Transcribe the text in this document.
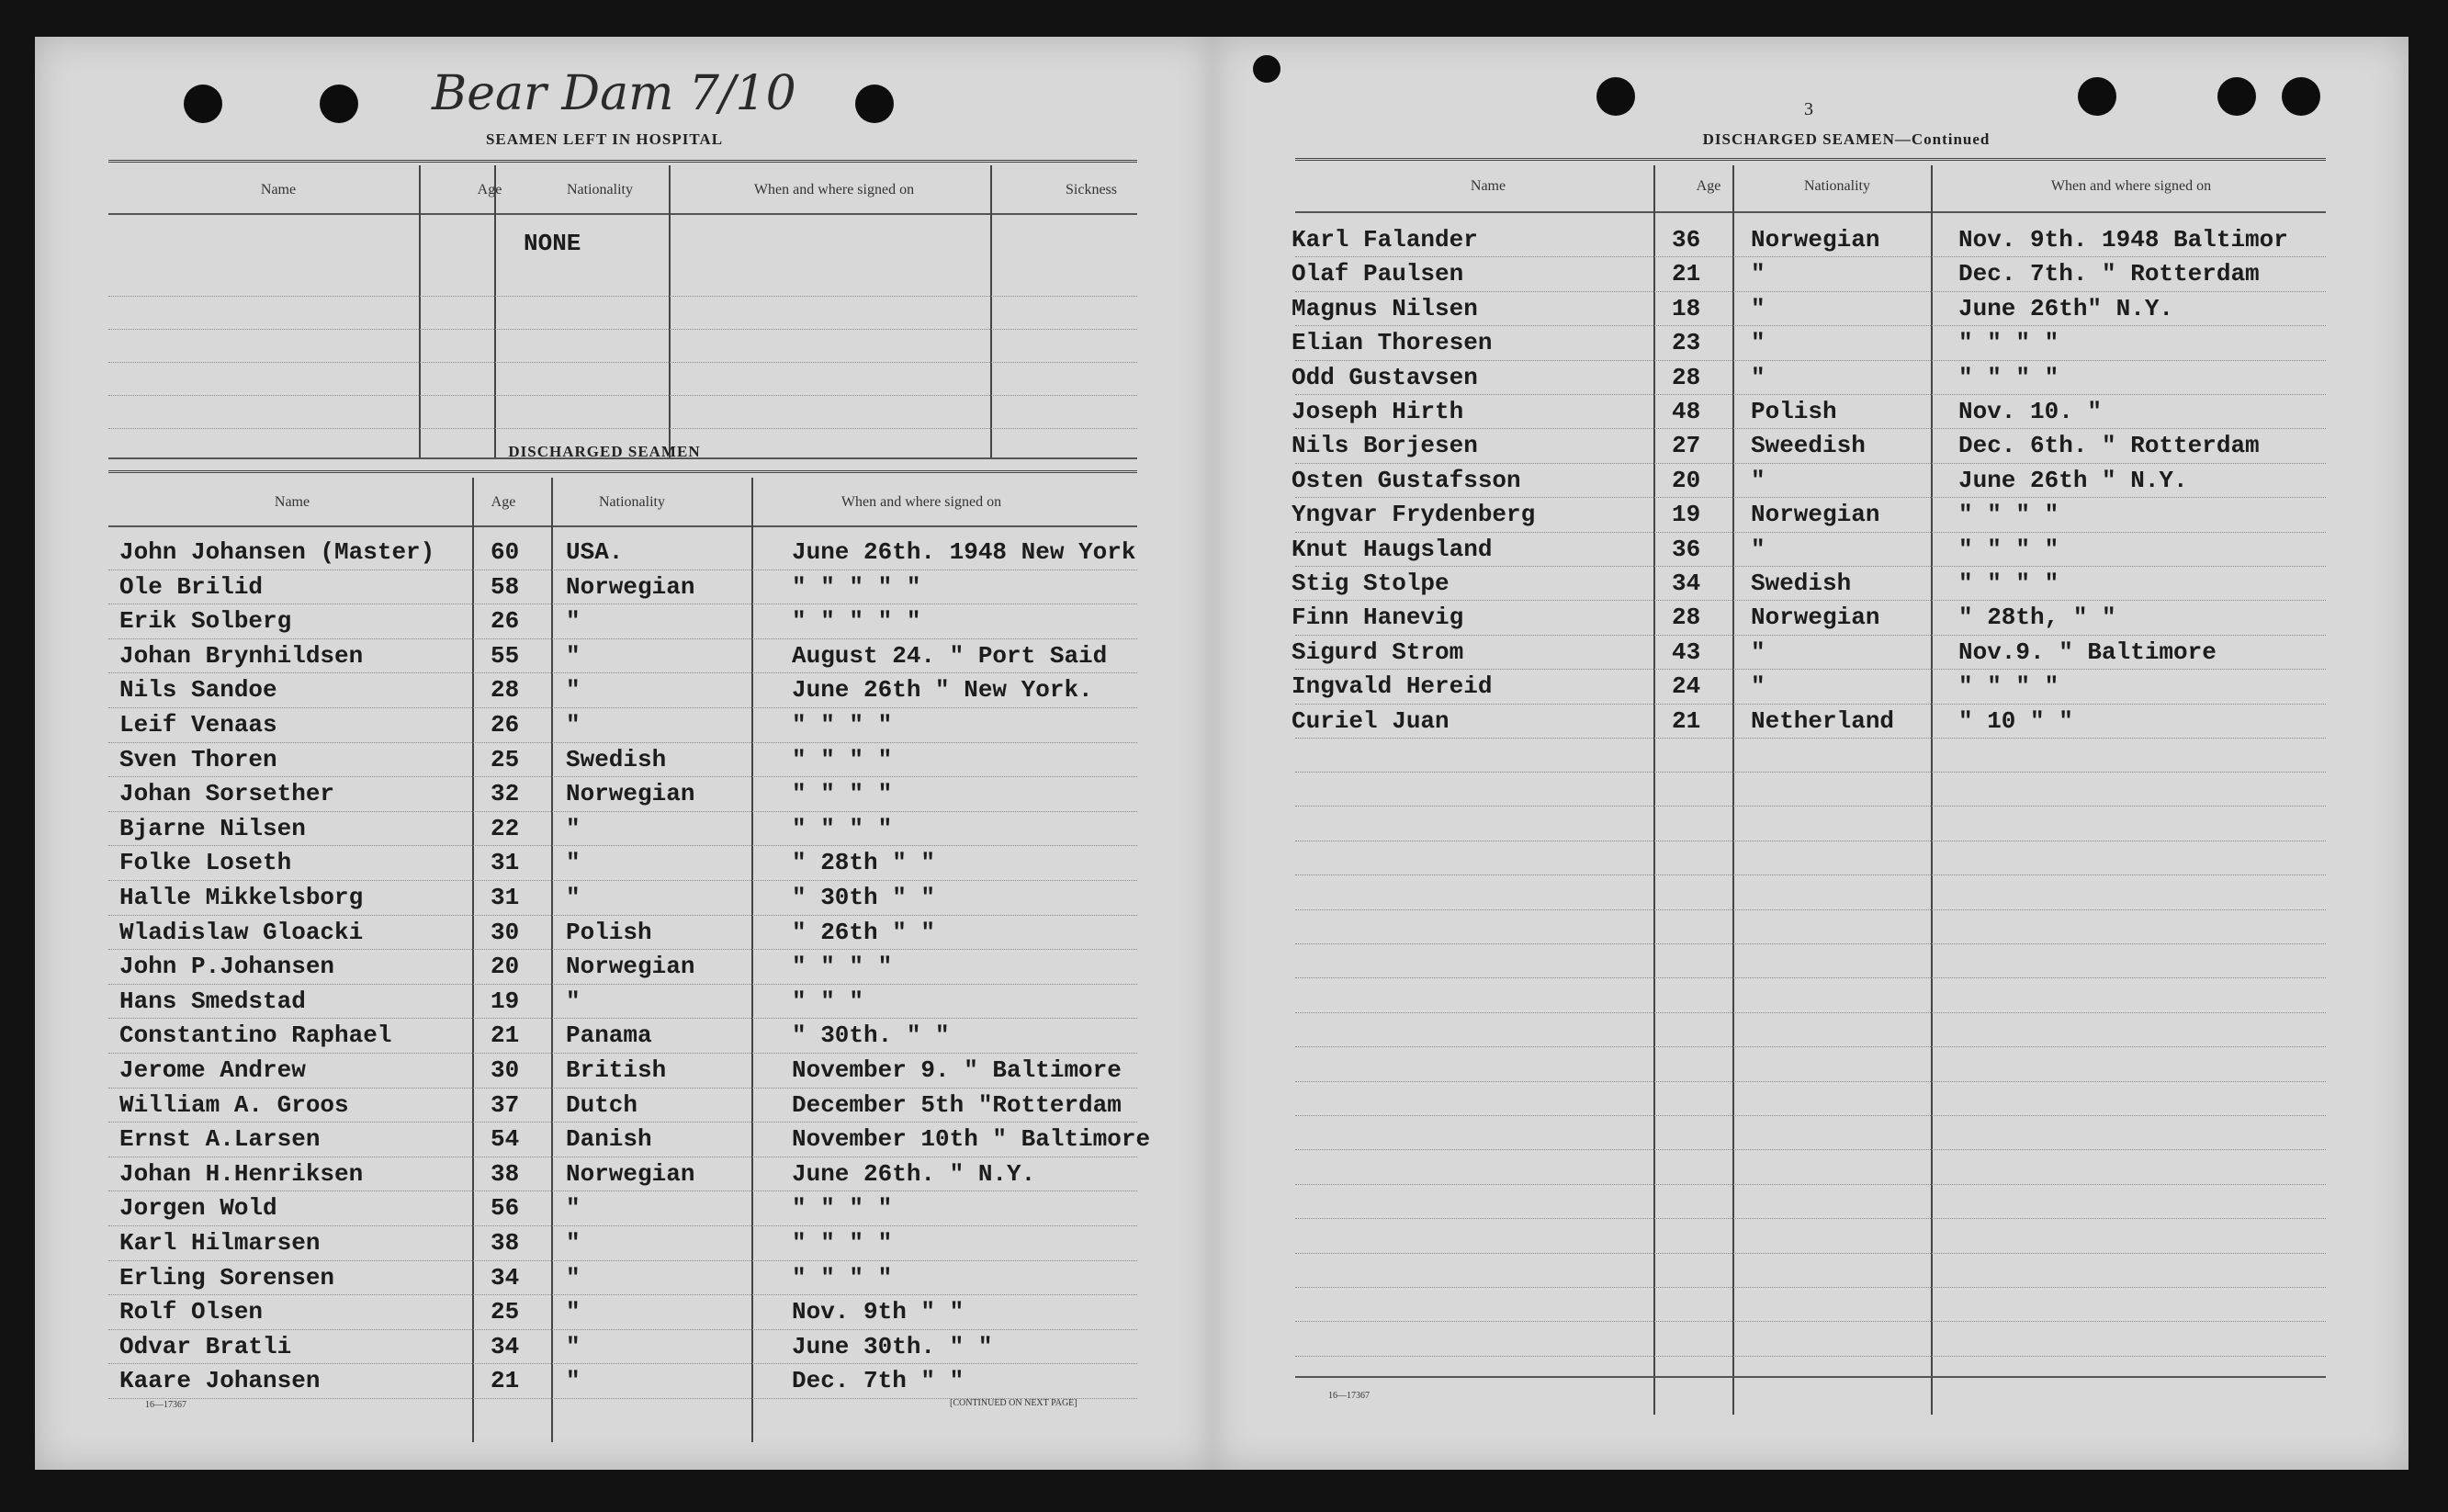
Bear Dam 7/10
SEAMEN LEFT IN HOSPITAL
Name	Age	Nationality	When and where signed on	Sickness
NONE
DISCHARGED SEAMEN
Name	Age	Nationality	When and where signed on
John Johansen (Master) 60 USA.	June 26th. 1948 New York
Ole Brilid	58 Norwegian	" " " " "
Erik Solberg	26 "	" " " " "
Johan Brynhildsen	55 "	August 24. " Port Said
Nils Sandoe	28 "	June 26th " New York.
Leif Venaas	26 "	" " " "
Sven Thoren	25 Swedish	" " " "
Johan Sorsether	32 Norwegian	" " " "
Bjarne Nilsen	22 "	" " " "
Folke Loseth	31 "	" 28th " "
Halle Mikkelsborg	31 "	" 30th " "
Wladislaw Gloacki	30 Polish	" 26th " "
John P.Johansen	20 Norwegian	" " " "
Hans Smedstad	19 "	" " "
Constantino Raphael	21 Panama	" 30th. " "
Jerome Andrew	30 British	November 9. " Baltimore
William A. Groos	37 Dutch	December 5th "Rotterdam
Ernst A.Larsen	54 Danish	November 10th " Baltimore
Johan H.Henriksen	38 Norwegian	June 26th. " N.Y.
Jorgen Wold	56 "	" " " "
Karl Hilmarsen	38 "	" " " "
Erling Sorensen	34 "	" " " "
Rolf Olsen	25 "	Nov. 9th " "
Odvar Bratli	34 "	June 30th. " "
Kaare Johansen	21 "	Dec. 7th " "
16—17367	[CONTINUED ON NEXT PAGE]
3
DISCHARGED SEAMEN—Continued
Name	Age	Nationality	When and where signed on
Karl Falander	36 Norwegian	Nov. 9th. 1948 Baltimor
Olaf Paulsen	21 "	Dec. 7th. " Rotterdam
Magnus Nilsen	18 "	June 26th" N.Y.
Elian Thoresen	23 "	" " " "
Odd Gustavsen	28 "	" " " "
Joseph Hirth	48 Polish	Nov. 10. "
Nils Borjesen	27 Sweedish	Dec. 6th. " Rotterdam
Osten Gustafsson	20 "	June 26th " N.Y.
Yngvar Frydenberg	19 Norwegian	" " " "
Knut Haugsland	36 "	" " " "
Stig Stolpe	34 Swedish	" " " "
Finn Hanevig	28 Norwegian	" 28th, " "
Sigurd Strom	43 "	Nov.9. " Baltimore
Ingvald Hereid	24 "	" " " "
Curiel Juan	21 Netherland	" 10 " "
16—17367
